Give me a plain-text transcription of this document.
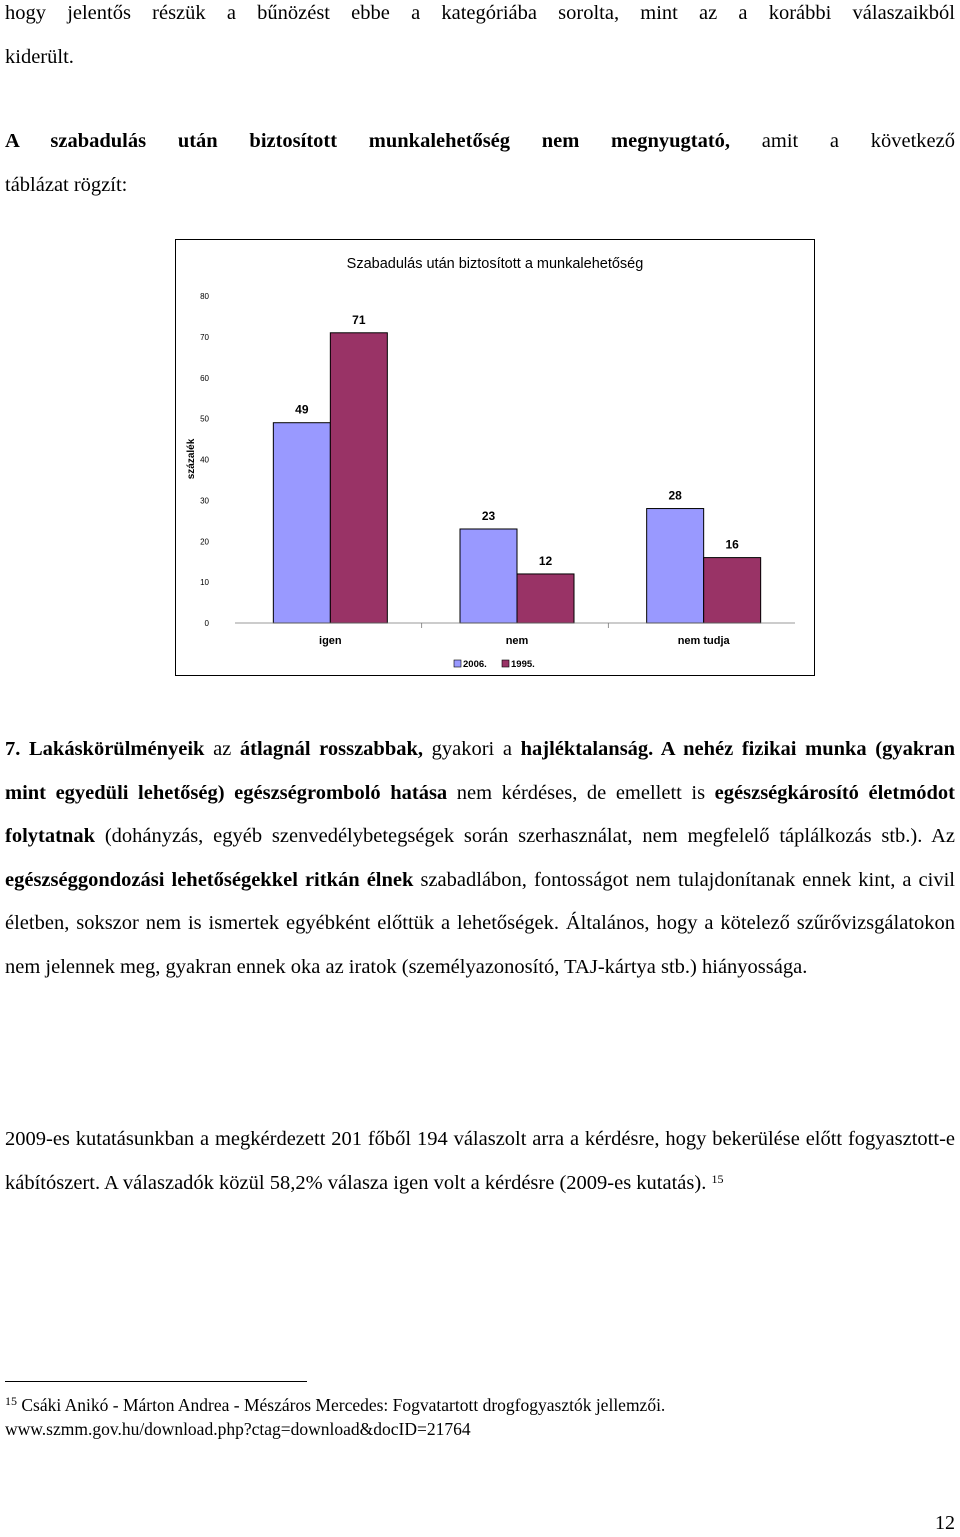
hogy jelentős részük a bűnözést ebbe a kategóriába sorolta, mint az a korábbi válaszaikból
kiderült.
A szabadulás után biztosított munkalehetőség nem megnyugtató, amit a következő
táblázat rögzít:
Szabadulás után biztosított a munkalehetőség
százalék
0
10
20
30
40
50
60
70
80
49
71
23
12
28
16
igen	nem	nem tudja
2006.	1995.
7. Lakáskörülményeik az átlagnál rosszabbak, gyakori a hajléktalanság. A nehéz fizikai munka (gyakran mint egyedüli lehetőség) egészségromboló hatása nem kérdéses, de emellett is egészségkárosító életmódot folytatnak (dohányzás, egyéb szenvedélybetegségek során szerhasználat, nem megfelelő táplálkozás stb.). Az egészséggondozási lehetőségekkel ritkán élnek szabadlábon, fontosságot nem tulajdonítanak ennek kint, a civil életben, sokszor nem is ismertek egyébként előttük a lehetőségek. Általános, hogy a kötelező szűrővizsgálatokon nem jelennek meg, gyakran ennek oka az iratok (személyazonosító, TAJ-kártya stb.) hiányossága.
2009-es kutatásunkban a megkérdezett 201 főből 194 válaszolt arra a kérdésre, hogy bekerülése előtt fogyasztott-e kábítószert. A válaszadók közül 58,2% válasza igen volt a kérdésre (2009-es kutatás). $^{15}$
$^{15}$ Csáki Anikó - Márton Andrea - Mészáros Mercedes: Fogvatartott drogfogyasztók jellemzői.
www.szmm.gov.hu/download.php?ctag=download&docID=21764
12
